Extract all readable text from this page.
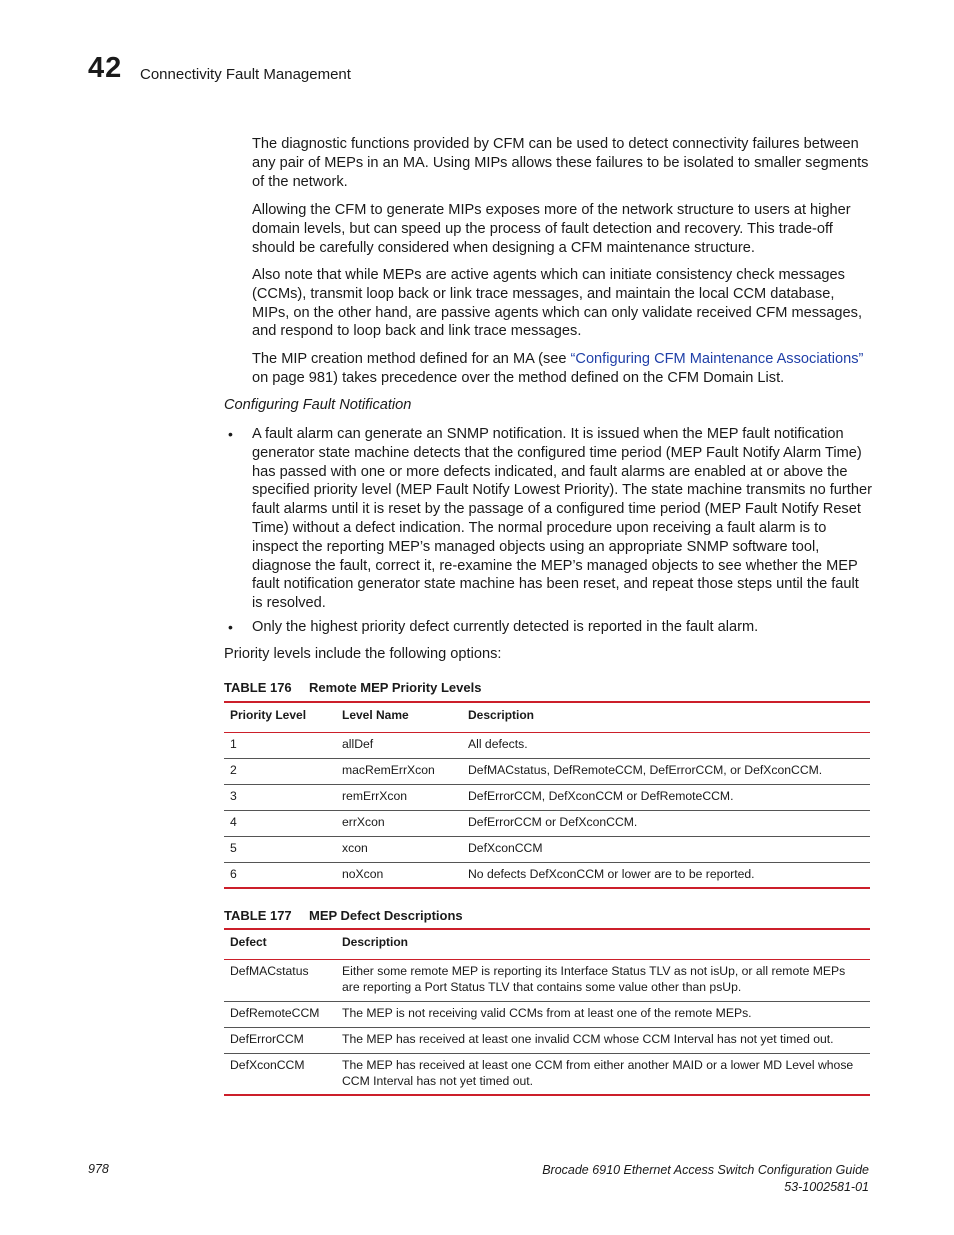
42 Connectivity Fault Management

The diagnostic functions provided by CFM can be used to detect connectivity failures between any pair of MEPs in an MA. Using MIPs allows these failures to be isolated to smaller segments of the network.

Allowing the CFM to generate MIPs exposes more of the network structure to users at higher domain levels, but can speed up the process of fault detection and recovery. This trade-off should be carefully considered when designing a CFM maintenance structure.

Also note that while MEPs are active agents which can initiate consistency check messages (CCMs), transmit loop back or link trace messages, and maintain the local CCM database, MIPs, on the other hand, are passive agents which can only validate received CFM messages, and respond to loop back and link trace messages.

The MIP creation method defined for an MA (see “Configuring CFM Maintenance Associations” on page 981) takes precedence over the method defined on the CFM Domain List.

Configuring Fault Notification
• A fault alarm can generate an SNMP notification. It is issued when the MEP fault notification generator state machine detects that the configured time period (MEP Fault Notify Alarm Time) has passed with one or more defects indicated, and fault alarms are enabled at or above the specified priority level (MEP Fault Notify Lowest Priority). The state machine transmits no further fault alarms until it is reset by the passage of a configured time period (MEP Fault Notify Reset Time) without a defect indication. The normal procedure upon receiving a fault alarm is to inspect the reporting MEP’s managed objects using an appropriate SNMP software tool, diagnose the fault, correct it, re-examine the MEP’s managed objects to see whether the MEP fault notification generator state machine has been reset, and repeat those steps until the fault is resolved.

• Only the highest priority defect currently detected is reported in the fault alarm.

Priority levels include the following options:
TABLE 176 Remote MEP Priority Levels
Priority Level	Level Name	Description
1	allDef	All defects.
2	macRemErrXcon	DefMACstatus, DefRemoteCCM, DefErrorCCM, or DefXconCCM.
3	remErrXcon	DefErrorCCM, DefXconCCM or DefRemoteCCM.
4	errXcon	DefErrorCCM or DefXconCCM.
5	xcon	DefXconCCM
6	noXcon	No defects DefXconCCM or lower are to be reported.
TABLE 177 MEP Defect Descriptions
Defect	Description
DefMACstatus	Either some remote MEP is reporting its Interface Status TLV as not isUp, or all remote MEPs are reporting a Port Status TLV that contains some value other than psUp.
DefRemoteCCM	The MEP is not receiving valid CCMs from at least one of the remote MEPs.
DefErrorCCM	The MEP has received at least one invalid CCM whose CCM Interval has not yet timed out.
DefXconCCM	The MEP has received at least one CCM from either another MAID or a lower MD Level whose CCM Interval has not yet timed out.
978	Brocade 6910 Ethernet Access Switch Configuration Guide
53-1002581-01
